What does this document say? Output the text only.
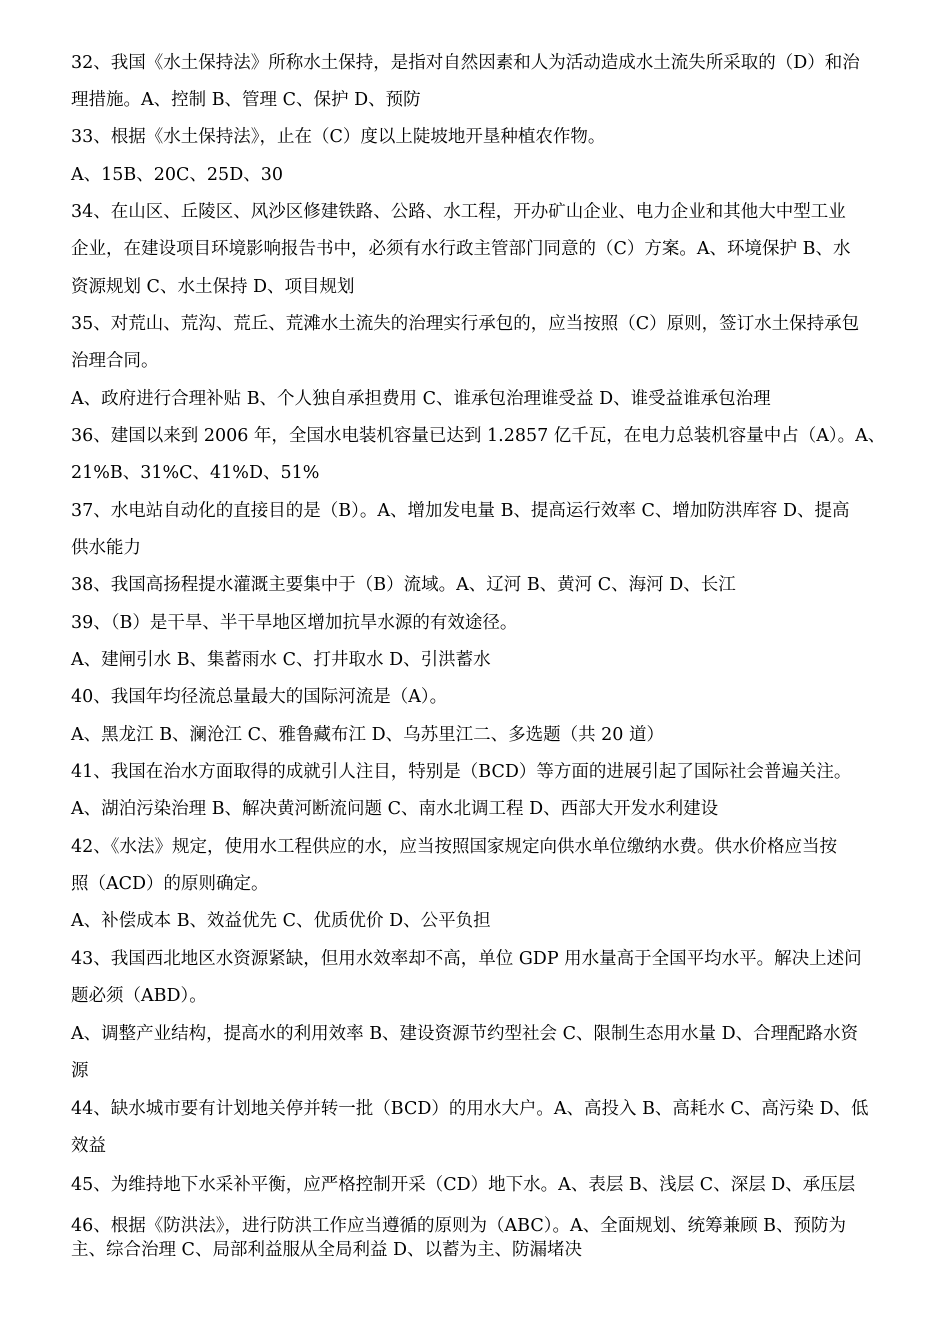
32、我国《水土保持法》所称水土保持，是指对自然因素和人为活动造成水土流失所采取的（D）和治
理措施。A、控制 B、管理 C、保护 D、预防
33、根据《水土保持法》，止在（C）度以上陡坡地开垦种植农作物。
A、15B、20C、25D、30
34、在山区、丘陵区、风沙区修建铁路、公路、水工程，开办矿山企业、电力企业和其他大中型工业
企业，在建设项目环境影响报告书中，必须有水行政主管部门同意的（C）方案。A、环境保护 B、水
资源规划 C、水土保持 D、项目规划
35、对荒山、荒沟、荒丘、荒滩水土流失的治理实行承包的，应当按照（C）原则，签订水土保持承包
治理合同。
A、政府进行合理补贴 B、个人独自承担费用 C、谁承包治理谁受益 D、谁受益谁承包治理
36、建国以来到 2006 年，全国水电装机容量已达到 1.2857 亿千瓦，在电力总装机容量中占（A）。A、
21%B、31%C、41%D、51%
37、水电站自动化的直接目的是（B）。A、增加发电量 B、提高运行效率 C、增加防洪库容 D、提高
供水能力
38、我国高扬程提水灌溉主要集中于（B）流域。A、辽河 B、黄河 C、海河 D、长江
39、（B）是干旱、半干旱地区增加抗旱水源的有效途径。
A、建闸引水 B、集蓄雨水 C、打井取水 D、引洪蓄水
40、我国年均径流总量最大的国际河流是（A）。
A、黑龙江 B、澜沧江 C、雅鲁藏布江 D、乌苏里江二、多选题（共 20 道）
41、我国在治水方面取得的成就引人注目，特别是（BCD）等方面的进展引起了国际社会普遍关注。
A、湖泊污染治理 B、解决黄河断流问题 C、南水北调工程 D、西部大开发水利建设
42、《水法》规定，使用水工程供应的水，应当按照国家规定向供水单位缴纳水费。供水价格应当按
照（ACD）的原则确定。
A、补偿成本 B、效益优先 C、优质优价 D、公平负担
43、我国西北地区水资源紧缺，但用水效率却不高，单位 GDP 用水量高于全国平均水平。解决上述问
题必须（ABD）。
A、调整产业结构，提高水的利用效率 B、建设资源节约型社会 C、限制生态用水量 D、合理配路水资
源
44、缺水城市要有计划地关停并转一批（BCD）的用水大户。A、高投入 B、高耗水 C、高污染 D、低
效益
45、为维持地下水采补平衡，应严格控制开采（CD）地下水。A、表层 B、浅层 C、深层 D、承压层
46、根据《防洪法》，进行防洪工作应当遵循的原则为（ABC）。A、全面规划、统筹兼顾 B、预防为
主、综合治理 C、局部利益服从全局利益 D、以蓄为主、防漏堵决
